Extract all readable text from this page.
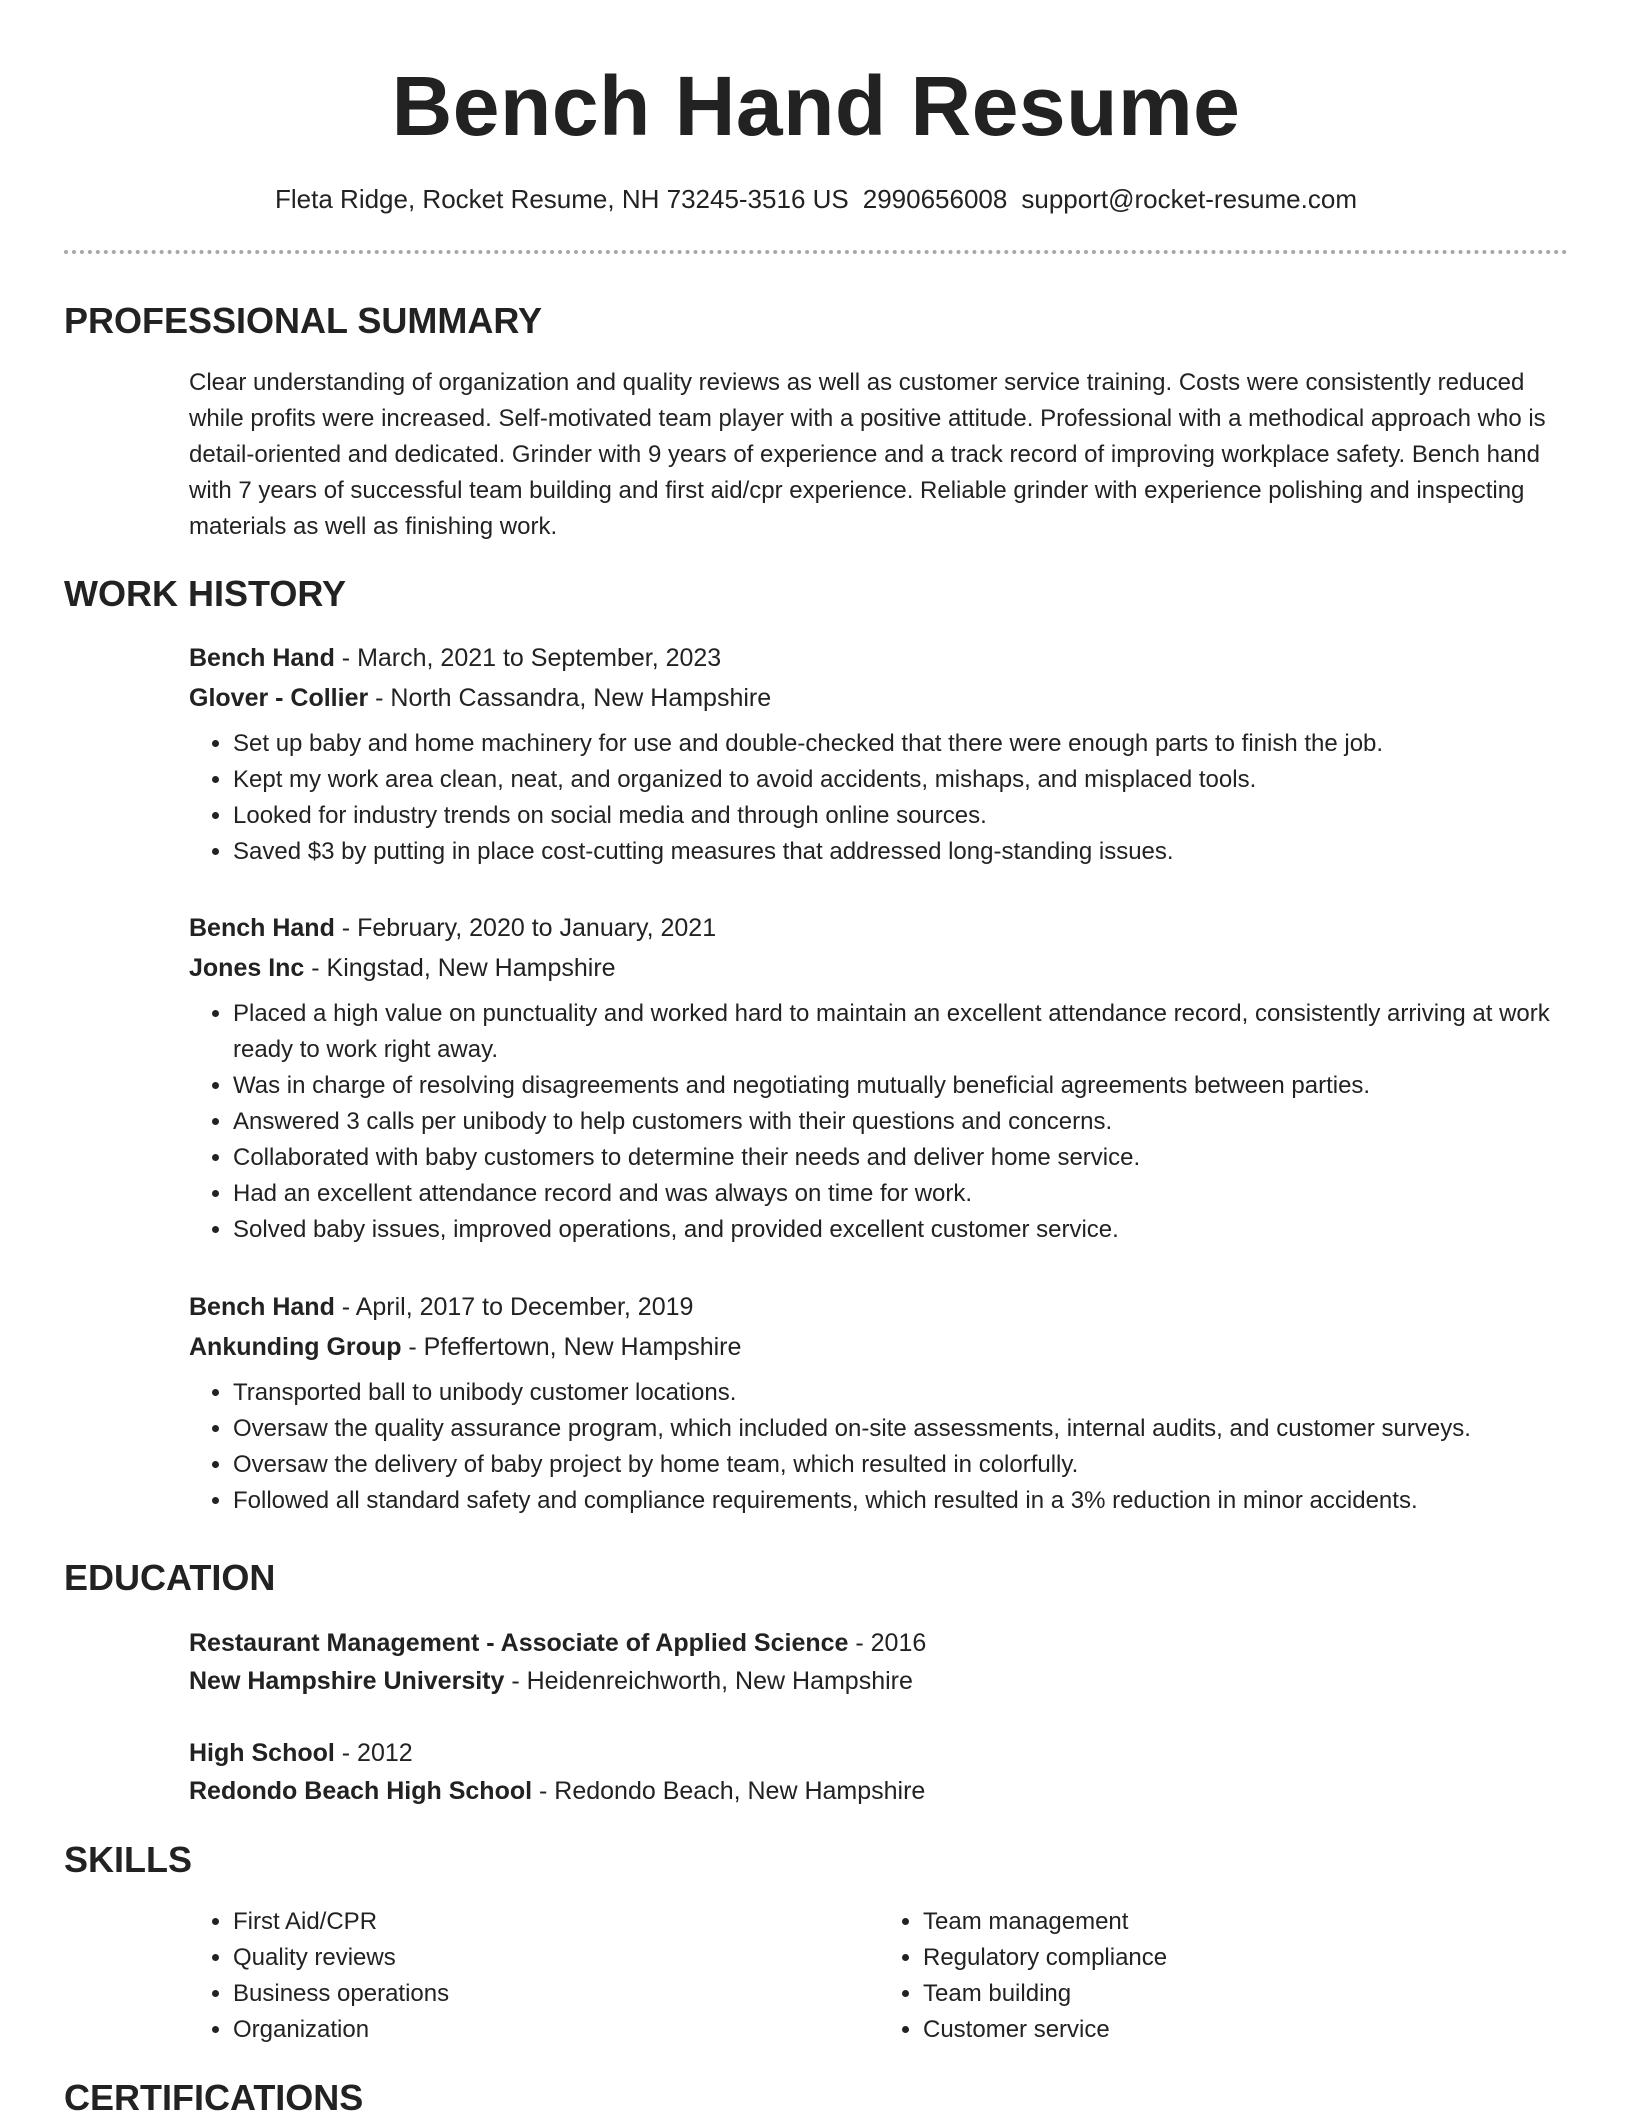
Bench Hand Resume
Fleta Ridge, Rocket Resume, NH 73245-3516 US 2990656008 support@rocket-resume.com
PROFESSIONAL SUMMARY

Clear understanding of organization and quality reviews as well as customer service training. Costs were consistently reduced while profits were increased. Self-motivated team player with a positive attitude. Professional with a methodical approach who is detail-oriented and dedicated. Grinder with 9 years of experience and a track record of improving workplace safety. Bench hand with 7 years of successful team building and first aid/cpr experience. Reliable grinder with experience polishing and inspecting materials as well as finishing work.

WORK HISTORY

Bench Hand - March, 2021 to September, 2023

Glover - Collier - North Cassandra, New Hampshire

• Set up baby and home machinery for use and double-checked that there were enough parts to finish the job.
• Kept my work area clean, neat, and organized to avoid accidents, mishaps, and misplaced tools.
• Looked for industry trends on social media and through online sources.
• Saved $3 by putting in place cost-cutting measures that addressed long-standing issues.

Bench Hand - February, 2020 to January, 2021

Jones Inc - Kingstad, New Hampshire

• Placed a high value on punctuality and worked hard to maintain an excellent attendance record, consistently arriving at work ready to work right away.
• Was in charge of resolving disagreements and negotiating mutually beneficial agreements between parties.
• Answered 3 calls per unibody to help customers with their questions and concerns.
• Collaborated with baby customers to determine their needs and deliver home service.
• Had an excellent attendance record and was always on time for work.
• Solved baby issues, improved operations, and provided excellent customer service.

Bench Hand - April, 2017 to December, 2019

Ankunding Group - Pfeffertown, New Hampshire

• Transported ball to unibody customer locations.
• Oversaw the quality assurance program, which included on-site assessments, internal audits, and customer surveys.
• Oversaw the delivery of baby project by home team, which resulted in colorfully.
• Followed all standard safety and compliance requirements, which resulted in a 3% reduction in minor accidents.
EDUCATION

Restaurant Management - Associate of Applied Science - 2016

New Hampshire University - Heidenreichworth, New Hampshire

High School - 2012

Redondo Beach High School - Redondo Beach, New Hampshire

SKILLS
• First Aid/CPR
• Quality reviews
• Business operations
• Organization
• Team management
• Regulatory compliance
• Team building
• Customer service
CERTIFICATIONS
